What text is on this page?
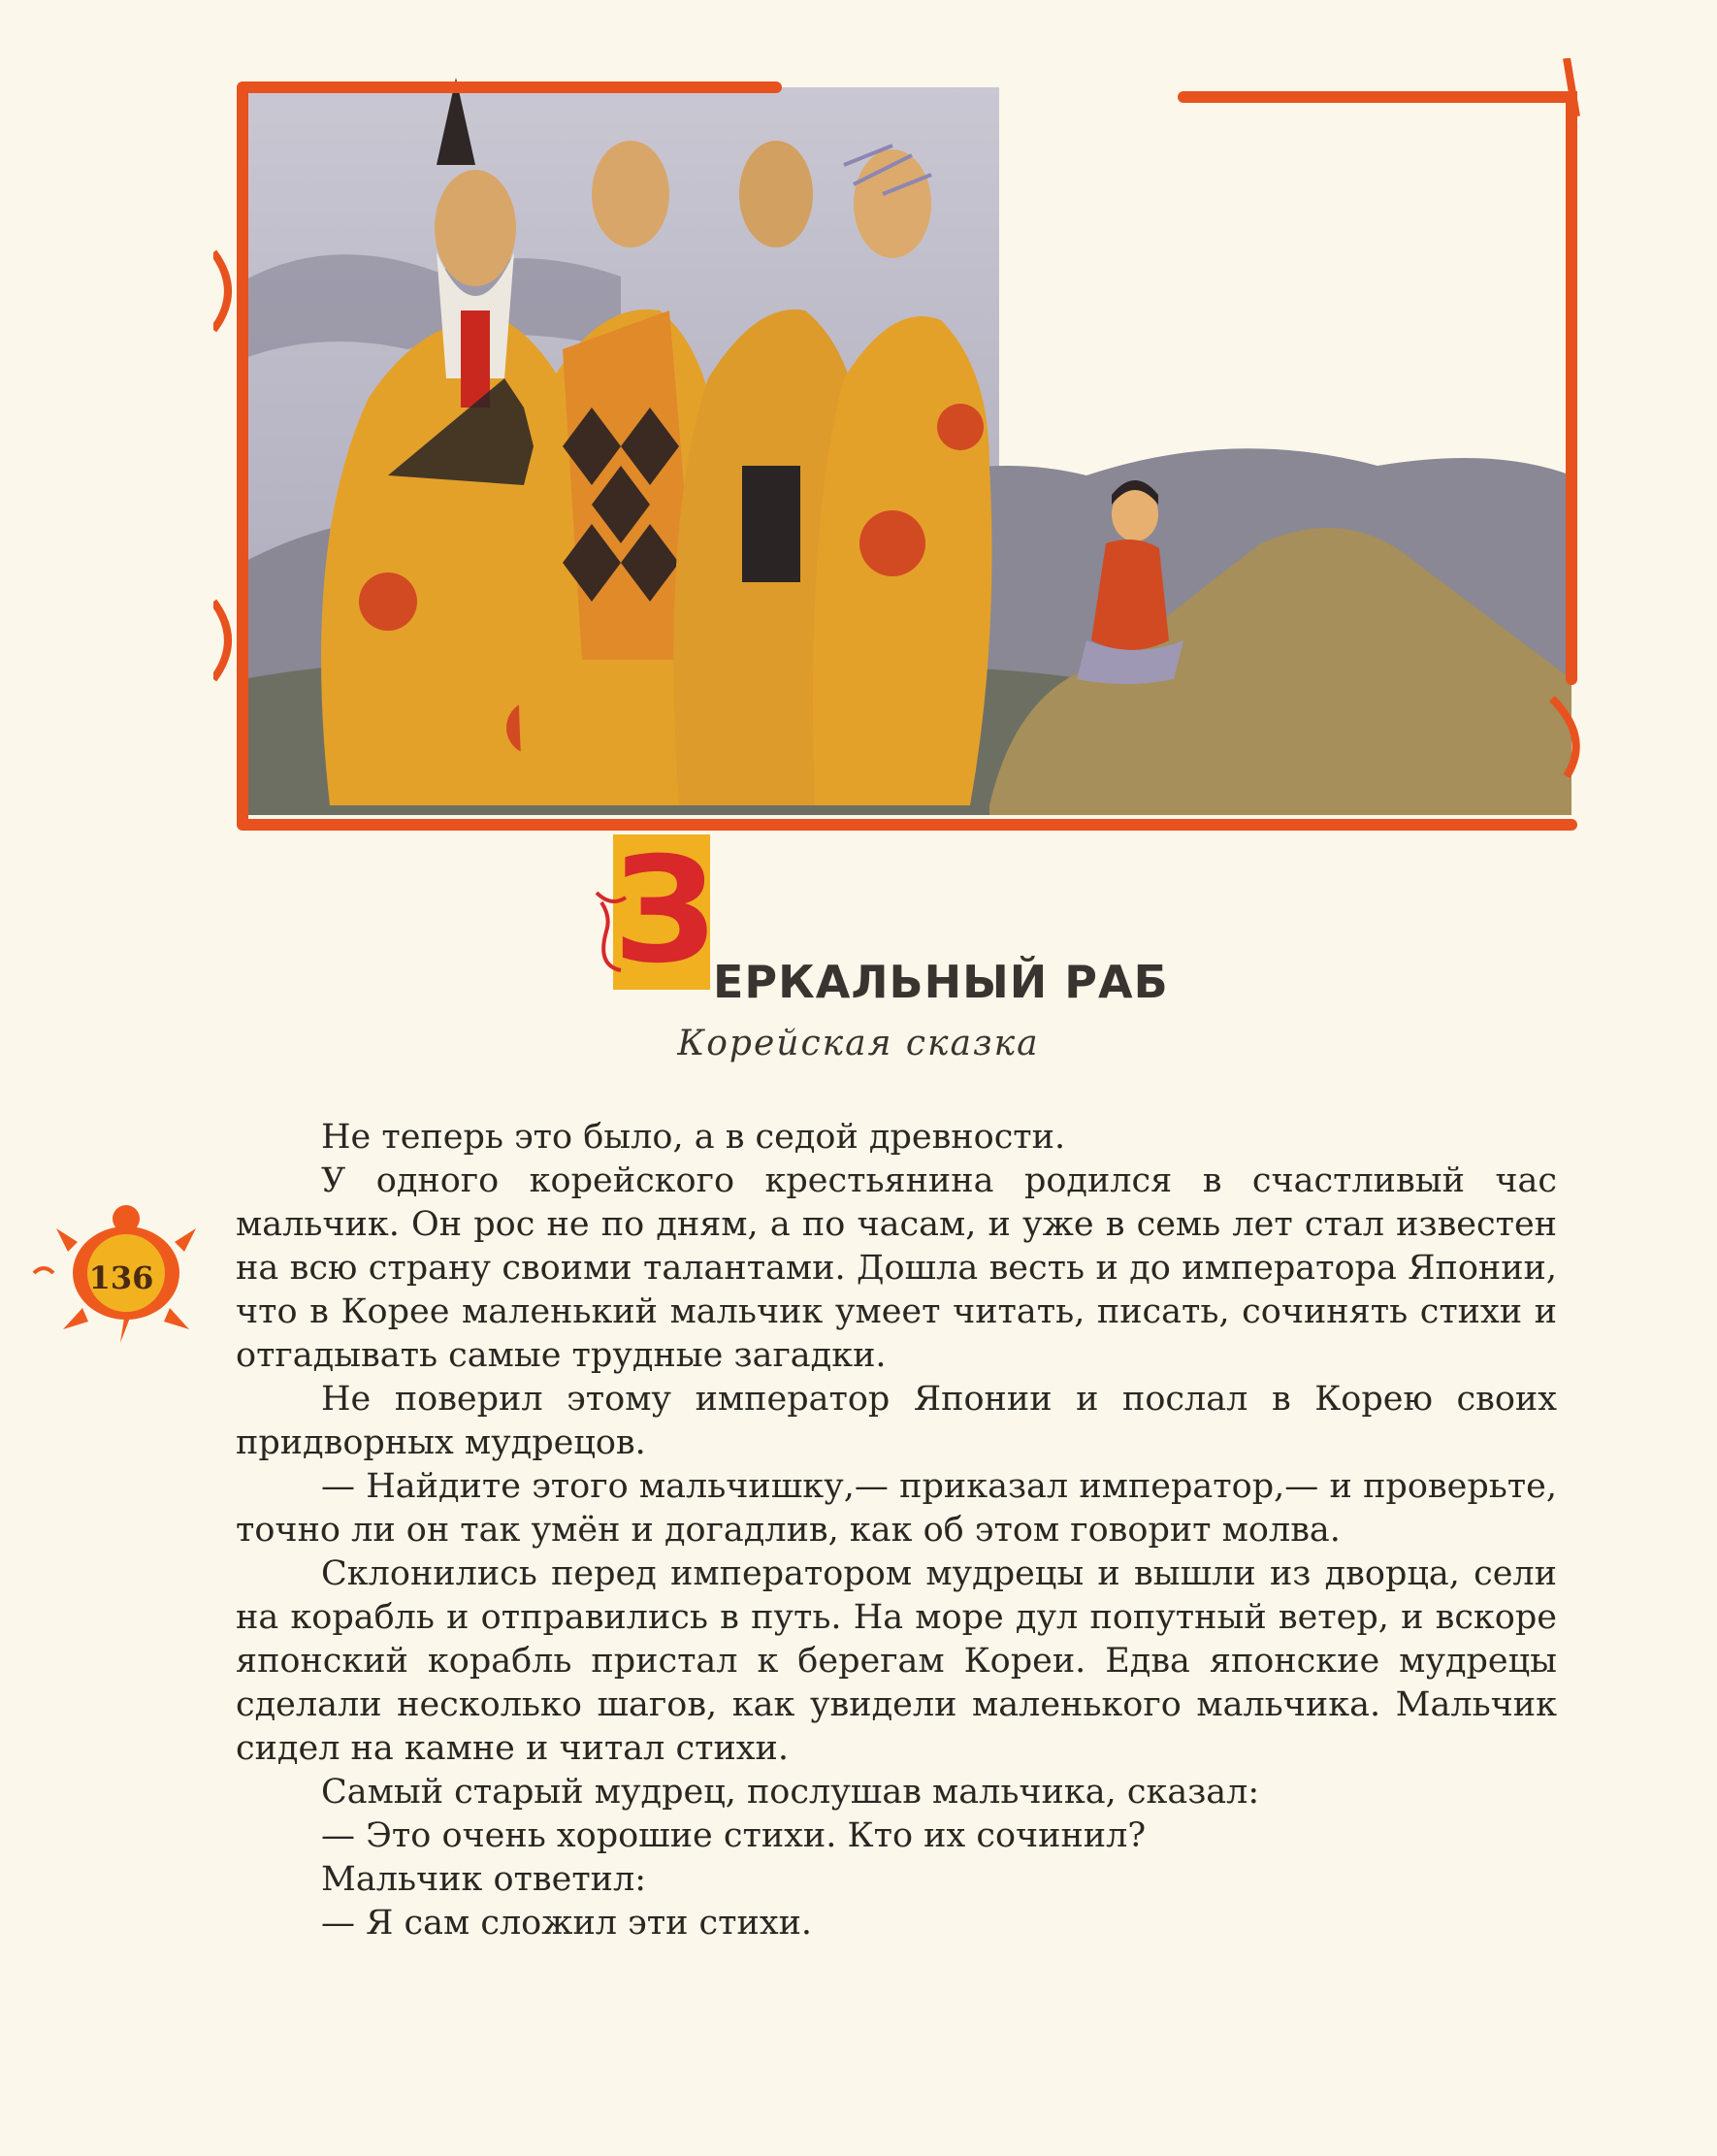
З
ЕРКАЛЬНЫЙ РАБ
Корейская сказка
136

Не теперь это было, а в седой древности.

У одного корейского крестьянина родился в счастливый час мальчик. Он рос не по дням, а по часам, и уже в семь лет стал известен на всю страну своими талантами. Дошла весть и до императора Японии, что в Корее маленький мальчик умеет читать, писать, сочинять стихи и отгадывать самые трудные загадки.

Не поверил этому император Японии и послал в Корею своих придворных мудрецов.

— Найдите этого мальчишку,— приказал император,— и проверьте, точно ли он так умён и догадлив, как об этом говорит молва.

Склонились перед императором мудрецы и вышли из дворца, сели на корабль и отправились в путь. На море дул попутный ветер, и вскоре японский корабль пристал к берегам Кореи. Едва японские мудрецы сделали несколько шагов, как увидели маленького мальчика. Мальчик сидел на камне и читал стихи.

Самый старый мудрец, послушав мальчика, сказал:

— Это очень хорошие стихи. Кто их сочинил?

Мальчик ответил:

— Я сам сложил эти стихи.
